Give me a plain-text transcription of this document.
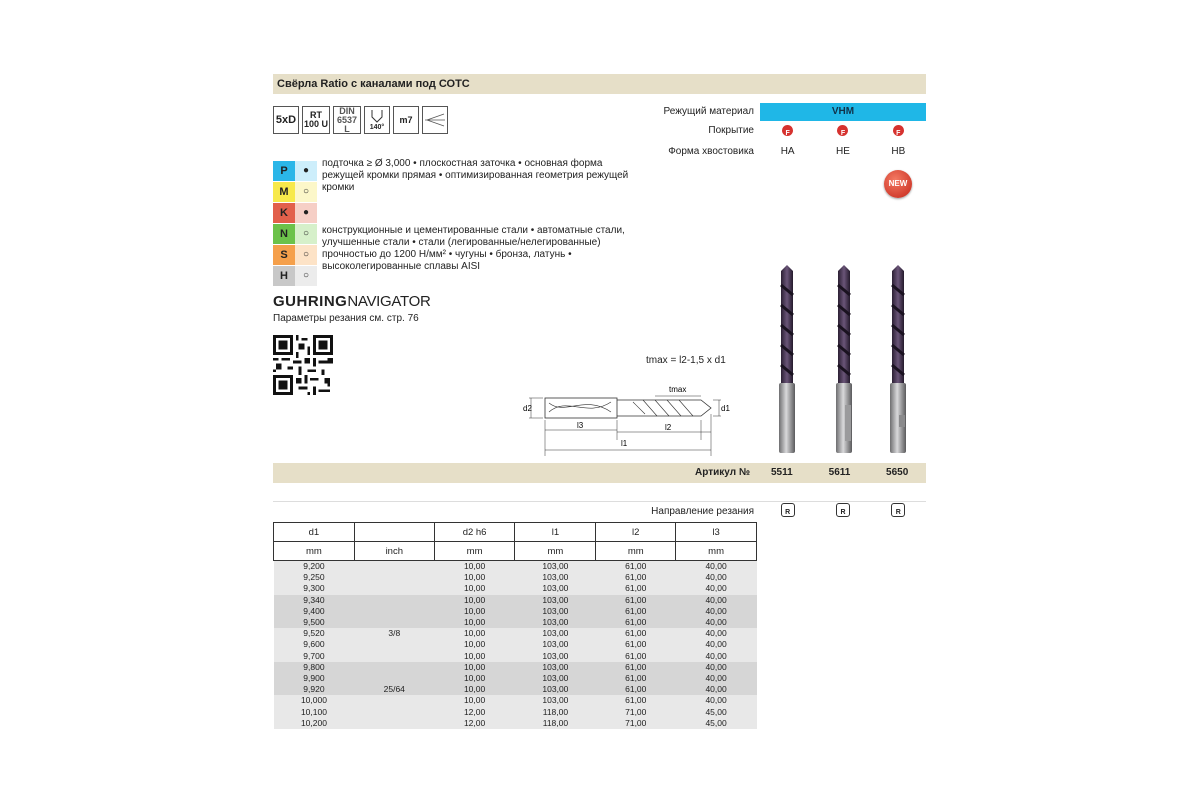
Свёрла Ratio с каналами под СОТС
5xD	RT 100 U
DIN 6537 L	140°
m7
Режущий материал	VHM
Покрытие	F	F	F
Форма хвостовика	HA	HE	HB
NEW
P	●
M	○
K	●
N	○
S	○
H	○
подточка ≥ Ø 3,000 • плоскостная заточка • основная форма режущей кромки прямая • оптимизированная геометрия режущей кромки
конструкционные и цементированные стали • автоматные стали, улучшенные стали • стали (легированные/нелегированные) прочностью до 1200 Н/мм² • чугуны • бронза, латунь • высоколегированные сплавы AISI
GUHRINGNAVIGATOR
Параметры резания см. стр. 76
tmax = l2-1,5 x d1
d2	d1
l3	l2
l1
tmax
Артикул №	5511	5611	5650
Направление резания	R	R	R
d1		d2 h6	l1	l2	l3
mm	inch	mm	mm	mm	mm
9,200		10,00	103,00	61,00	40,00
9,250		10,00	103,00	61,00	40,00
9,300		10,00	103,00	61,00	40,00
9,340		10,00	103,00	61,00	40,00
9,400		10,00	103,00	61,00	40,00
9,500		10,00	103,00	61,00	40,00
9,520	3/8	10,00	103,00	61,00	40,00
9,600		10,00	103,00	61,00	40,00
9,700		10,00	103,00	61,00	40,00
9,800		10,00	103,00	61,00	40,00
9,900		10,00	103,00	61,00	40,00
9,920	25/64	10,00	103,00	61,00	40,00
10,000		10,00	103,00	61,00	40,00
10,100		12,00	118,00	71,00	45,00
10,200		12,00	118,00	71,00	45,00
